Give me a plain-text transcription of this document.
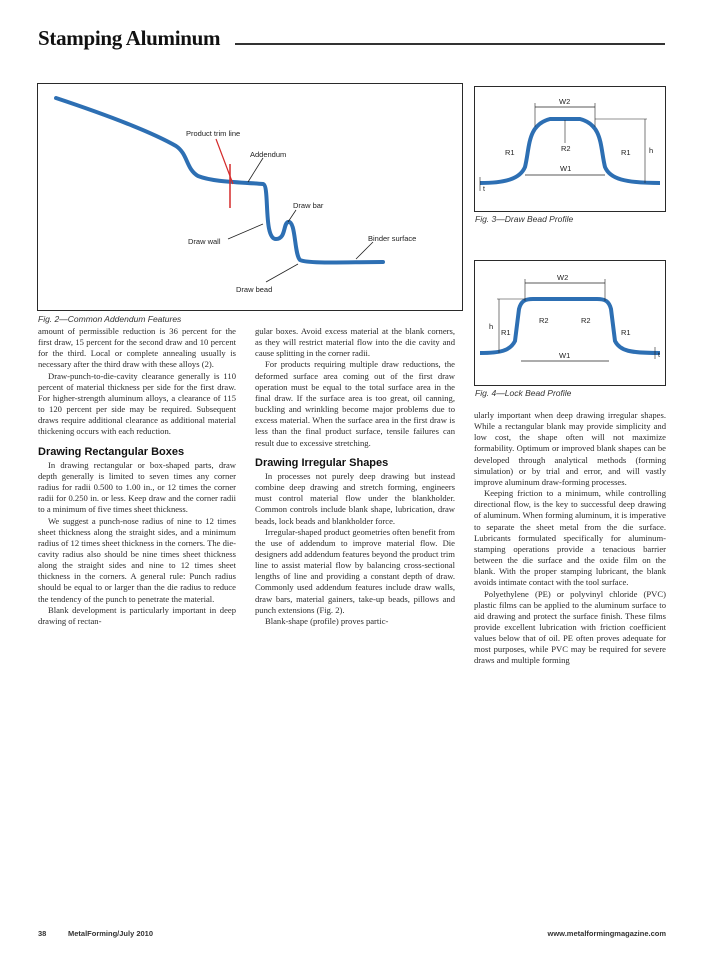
Stamping Aluminum
Product trim line
Addendum
Draw bar
Draw wall	Binder surface
Draw bead
Fig. 2—Common Addendum Features
W2
R2
R1	R1
W1
h
t
Fig. 3—Draw Bead Profile
W2
R2	R2
R1	R1
W1
h
t
Fig. 4—Lock Bead Profile

amount of permissible reduction is 36 percent for the first draw, 15 percent for the second draw and 10 percent for the third. Local or complete annealing usually is necessary after the third draw with these alloys (2).

Draw-punch-to-die-cavity clearance generally is 110 percent of material thickness per side for the first draw. For higher-strength aluminum alloys, a clearance of 115 to 120 percent per side may be required. Subsequent draws require additional clearance as additional material thickening occurs with each reduction.

Drawing Rectangular Boxes

In drawing rectangular or box-shaped parts, draw depth generally is limited to seven times any corner radius for radii 0.500 to 1.00 in., or 12 times the corner radii for 0.250 in. or less. Keep draw and the corner radii to a minimum of five times sheet thickness.

We suggest a punch-nose radius of nine to 12 times sheet thickness along the straight sides, and a minimum radius of 12 times sheet thickness in the corners. The die-cavity radius also should be nine times sheet thickness along the straight sides and nine to 12 times sheet thickness in the corners. A general rule: Punch radius should be equal to or larger than the die radius to reduce the tendency of the punch to penetrate the material.

Blank development is particularly important in deep drawing of rectan-

gular boxes. Avoid excess material at the blank corners, as they will restrict material flow into the die cavity and cause splitting in the corner radii.

For products requiring multiple draw reductions, the deformed surface area coming out of the first draw operation must be equal to the total surface area in the final draw. If the surface area is too great, oil canning, buckling and wrinkling become major problems due to excess material. When the surface area in the first draw is less than the final product surface, tensile failures can result due to excessive stretching.

Drawing Irregular Shapes

In processes not purely deep drawing but instead combine deep drawing and stretch forming, engineers must control material flow under the blankholder. Common controls include blank shape, lubrication, draw beads, lock beads and blankholder force.

Irregular-shaped product geometries often benefit from the use of addendum to improve material flow. Die designers add addendum features beyond the product trim line to assist material flow by balancing cross-sectional lengths of line and providing a constant depth of draw. Commonly used addendum features include draw walls, draw bars, material gainers, take-up beads, pillows and punch extensions (Fig. 2).

Blank-shape (profile) proves partic-

ularly important when deep drawing irregular shapes. While a rectangular blank may provide simplicity and low cost, the shape often will not maximize formability. Optimum or improved blank shapes can be developed through analytical methods (forming simulation) or by trial and error, and will vastly improve aluminum draw-forming processes.

Keeping friction to a minimum, while controlling directional flow, is the key to successful deep drawing of aluminum. When forming aluminum, it is imperative to separate the sheet metal from the die surface. Lubricants formulated specifically for aluminum-stamping operations provide a tenacious barrier between the die surface and the oxide film on the blank. With the proper stamping lubricant, the blank avoids intimate contact with the tool surface.

Polyethylene (PE) or polyvinyl chloride (PVC) plastic films can be applied to the aluminum surface to aid drawing and protect the surface finish. These films provide excellent lubrication with friction coefficient values below that of oil. PE often proves adequate for most purposes, while PVC may be required for severe draws and multiple forming

38	MetalForming/July 2010	www.metalformingmagazine.com
